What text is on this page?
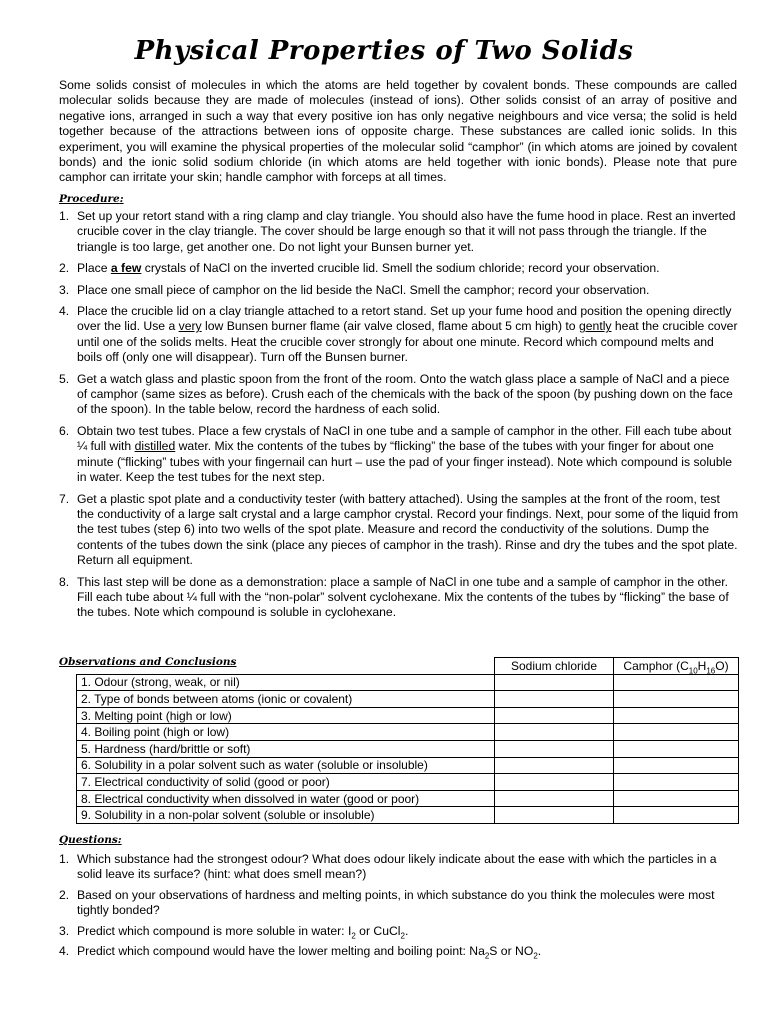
Physical Properties of Two Solids
Some solids consist of molecules in which the atoms are held together by covalent bonds. These compounds are called molecular solids because they are made of molecules (instead of ions). Other solids consist of an array of positive and negative ions, arranged in such a way that every positive ion has only negative neighbours and vice versa; the solid is held together because of the attractions between ions of opposite charge. These substances are called ionic solids. In this experiment, you will examine the physical properties of the molecular solid “camphor” (in which atoms are joined by covalent bonds) and the ionic solid sodium chloride (in which atoms are held together with ionic bonds). Please note that pure camphor can irritate your skin; handle camphor with forceps at all times.
Procedure:
1. Set up your retort stand with a ring clamp and clay triangle. You should also have the fume hood in place. Rest an inverted crucible cover in the clay triangle. The cover should be large enough so that it will not pass through the triangle. If the triangle is too large, get another one. Do not light your Bunsen burner yet.
2. Place a few crystals of NaCl on the inverted crucible lid. Smell the sodium chloride; record your observation.
3. Place one small piece of camphor on the lid beside the NaCl. Smell the camphor; record your observation.
4. Place the crucible lid on a clay triangle attached to a retort stand. Set up your fume hood and position the opening directly over the lid. Use a very low Bunsen burner flame (air valve closed, flame about 5 cm high) to gently heat the crucible cover until one of the solids melts. Heat the crucible cover strongly for about one minute. Record which compound melts and boils off (only one will disappear). Turn off the Bunsen burner.
5. Get a watch glass and plastic spoon from the front of the room. Onto the watch glass place a sample of NaCl and a piece of camphor (same sizes as before). Crush each of the chemicals with the back of the spoon (by pushing down on the face of the spoon). In the table below, record the hardness of each solid.
6. Obtain two test tubes. Place a few crystals of NaCl in one tube and a sample of camphor in the other. Fill each tube about ¼ full with distilled water. Mix the contents of the tubes by “flicking” the base of the tubes with your finger for about one minute (“flicking” tubes with your fingernail can hurt – use the pad of your finger instead). Note which compound is soluble in water. Keep the test tubes for the next step.
7. Get a plastic spot plate and a conductivity tester (with battery attached). Using the samples at the front of the room, test the conductivity of a large salt crystal and a large camphor crystal. Record your findings. Next, pour some of the liquid from the test tubes (step 6) into two wells of the spot plate. Measure and record the conductivity of the solutions. Dump the contents of the tubes down the sink (place any pieces of camphor in the trash). Rinse and dry the tubes and the spot plate. Return all equipment.
8. This last step will be done as a demonstration: place a sample of NaCl in one tube and a sample of camphor in the other. Fill each tube about ¼ full with the “non-polar” solvent cyclohexane. Mix the contents of the tubes by “flicking” the base of the tubes. Note which compound is soluble in cyclohexane.
Observations and Conclusions
		Sodium chloride	Camphor $(C_{10}H_{16}O)$
1. Odour (strong, weak, or nil)		
2. Type of bonds between atoms (ionic or covalent)		
3. Melting point (high or low)		
4. Boiling point (high or low)		
5. Hardness (hard/brittle or soft)		
6. Solubility in a polar solvent such as water (soluble or insoluble)		
7. Electrical conductivity of solid (good or poor)		
8. Electrical conductivity when dissolved in water (good or poor)		
9. Solubility in a non-polar solvent (soluble or insoluble)		
Questions:
1. Which substance had the strongest odour? What does odour likely indicate about the ease with which the particles in a solid leave its surface? (hint: what does smell mean?)
2. Based on your observations of hardness and melting points, in which substance do you think the molecules were most tightly bonded?
3. Predict which compound is more soluble in water: $I_2$ or CuCl$_2$.
4. Predict which compound would have the lower melting and boiling point: $Na_2S$ or $NO_2$.
